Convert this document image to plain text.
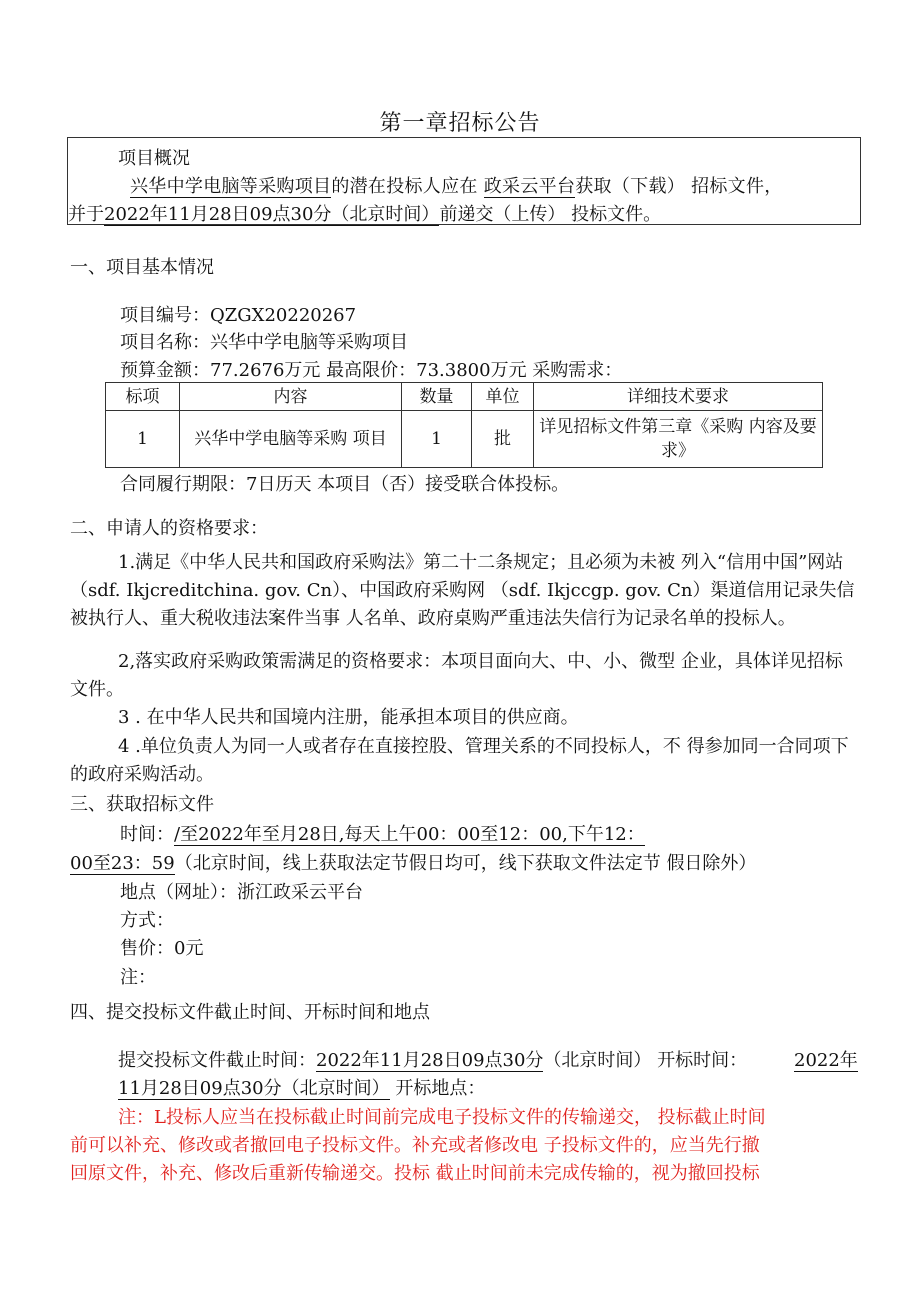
第一章招标公告
项目概况
兴华中学电脑等采购项目的潜在投标人应在 政采云平台获取（下载） 招标文件，
并于2022年11月28日09点30分（北京时间）前递交（上传） 投标文件。
一、项目基本情况
项目编号：QZGX20220267
项目名称：兴华中学电脑等采购项目
预算金额：77.2676万元 最高限价：73.3800万元 采购需求：
标项	内容	数量	单位	详细技术要求
1	兴华中学电脑等采购 项目	1	批	详见招标文件第三章《采购 内容及要求》
合同履行期限：7日历天 本项目（否）接受联合体投标。
二、申请人的资格要求：
1.满足《中华人民共和国政府采购法》第二十二条规定；且必须为未被 列入“信用中国”网站（sdf. Ikjcreditchina. gov. Cn）、中国政府采购网 （sdf. Ikjccgp. gov. Cn）渠道信用记录失信被执行人、重大税收违法案件当事 人名单、政府桌购严重违法失信行为记录名单的投标人。
2,落实政府采购政策需满足的资格要求：本项目面向大、中、小、微型 企业，具体详见招标文件。
3 . 在中华人民共和国境内注册，能承担本项目的供应商。
4 .单位负责人为同一人或者存在直接控股、管理关系的不同投标人，不 得参加同一合同项下的政府采购活动。
三、获取招标文件
时间：/至2022年至月28日,每天上午00：00至12：00,下午12：
00至23：59（北京时间，线上获取法定节假日均可，线下获取文件法定节 假日除外）
地点（网址）：浙江政采云平台
方式：
售价：0元
注：
四、提交投标文件截止时间、开标时间和地点
提交投标文件截止时间：2022年11月28日09点30分（北京时间） 开标时间：	2022年
11月28日09点30分（北京时间） 开标地点：
注：L投标人应当在投标截止时间前完成电子投标文件的传输递交， 投标截止时间
前可以补充、修改或者撤回电子投标文件。补充或者修改电 子投标文件的，应当先行撤
回原文件，补充、修改后重新传输递交。投标 截止时间前未完成传输的，视为撤回投标
